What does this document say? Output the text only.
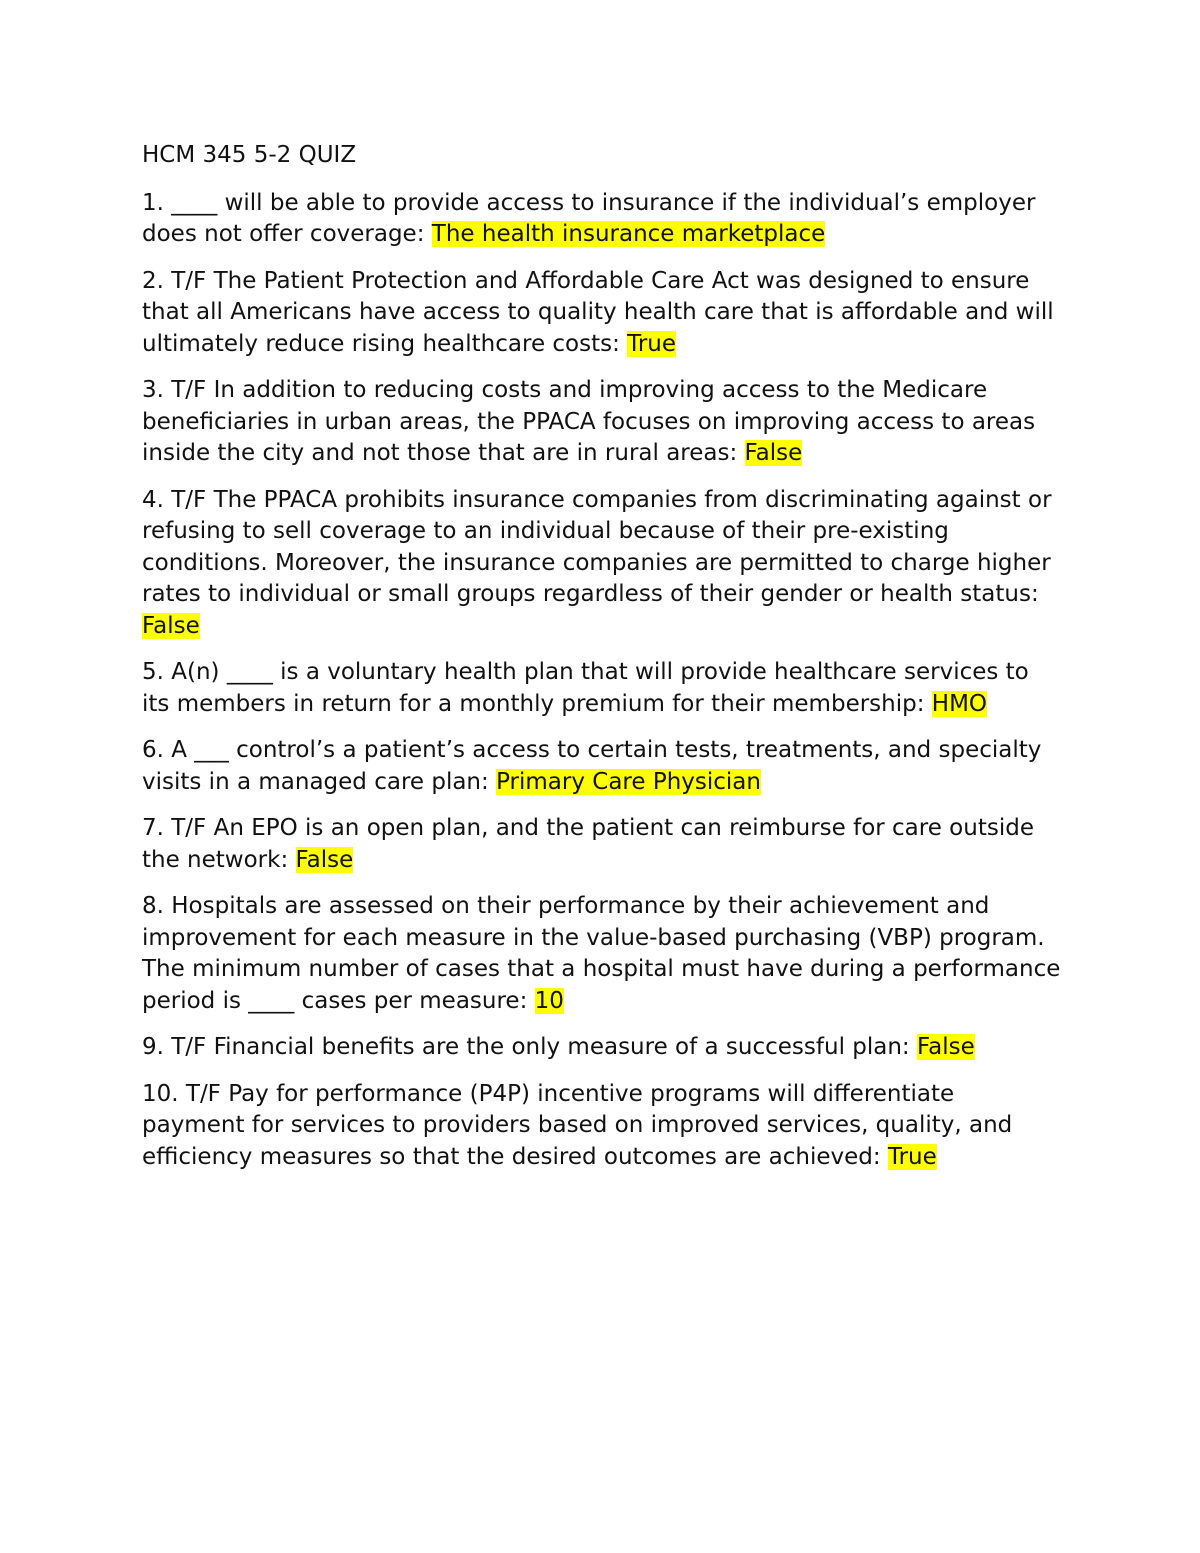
HCM 345 5-2 QUIZ

1. ____ will be able to provide access to insurance if the individual’s employer does not offer coverage: The health insurance marketplace

2. T/F The Patient Protection and Affordable Care Act was designed to ensure that all Americans have access to quality health care that is affordable and will ultimately reduce rising healthcare costs: True

3. T/F In addition to reducing costs and improving access to the Medicare beneficiaries in urban areas, the PPACA focuses on improving access to areas inside the city and not those that are in rural areas: False

4. T/F The PPACA prohibits insurance companies from discriminating against or refusing to sell coverage to an individual because of their pre-existing conditions. Moreover, the insurance companies are permitted to charge higher rates to individual or small groups regardless of their gender or health status: False

5. A(n) ____ is a voluntary health plan that will provide healthcare services to its members in return for a monthly premium for their membership: HMO

6. A ___ control’s a patient’s access to certain tests, treatments, and specialty visits in a managed care plan: Primary Care Physician

7. T/F An EPO is an open plan, and the patient can reimburse for care outside the network: False

8. Hospitals are assessed on their performance by their achievement and improvement for each measure in the value-based purchasing (VBP) program. The minimum number of cases that a hospital must have during a performance period is ____ cases per measure: 10

9. T/F Financial benefits are the only measure of a successful plan: False

10. T/F Pay for performance (P4P) incentive programs will differentiate payment for services to providers based on improved services, quality, and efficiency measures so that the desired outcomes are achieved: True
